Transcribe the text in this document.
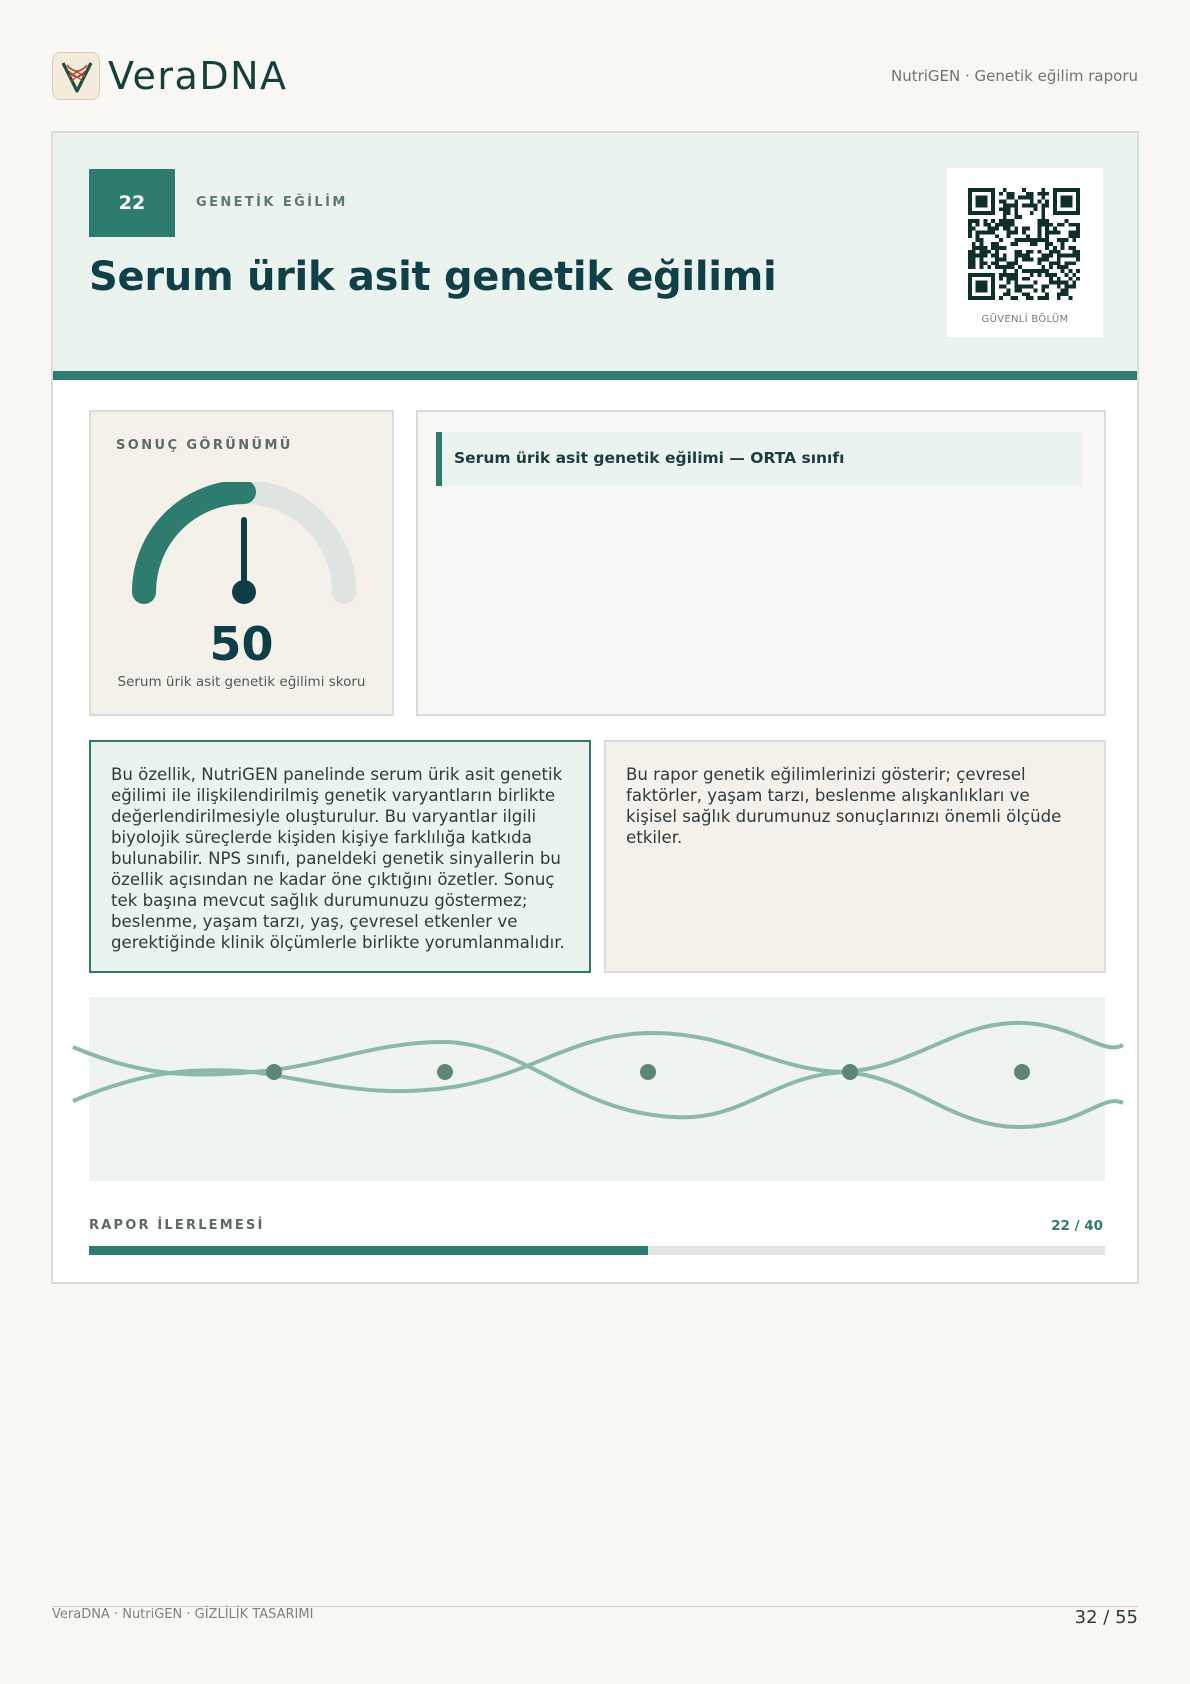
VeraDNA	NutriGEN · Genetik eğilim raporu
22	GENETİK EĞİLİM
Serum ürik asit genetik eğilimi
GÜVENLİ BÖLÜM
SONUÇ GÖRÜNÜMÜ
50
Serum ürik asit genetik eğilimi skoru
Serum ürik asit genetik eğilimi — ORTA sınıfı
Bu özellik, NutriGEN panelinde serum ürik asit genetik eğilimi ile ilişkilendirilmiş genetik varyantların birlikte değerlendirilmesiyle oluşturulur. Bu varyantlar ilgili biyolojik süreçlerde kişiden kişiye farklılığa katkıda bulunabilir. NPS sınıfı, paneldeki genetik sinyallerin bu özellik açısından ne kadar öne çıktığını özetler. Sonuç tek başına mevcut sağlık durumunuzu göstermez; beslenme, yaşam tarzı, yaş, çevresel etkenler ve gerektiğinde klinik ölçümlerle birlikte yorumlanmalıdır.
Bu rapor genetik eğilimlerinizi gösterir; çevresel faktörler, yaşam tarzı, beslenme alışkanlıkları ve kişisel sağlık durumunuz sonuçlarınızı önemli ölçüde etkiler.
RAPOR İLERLEMESİ	22 / 40
VeraDNA · NutriGEN · GİZLİLİK TASARIMI	32 / 55
